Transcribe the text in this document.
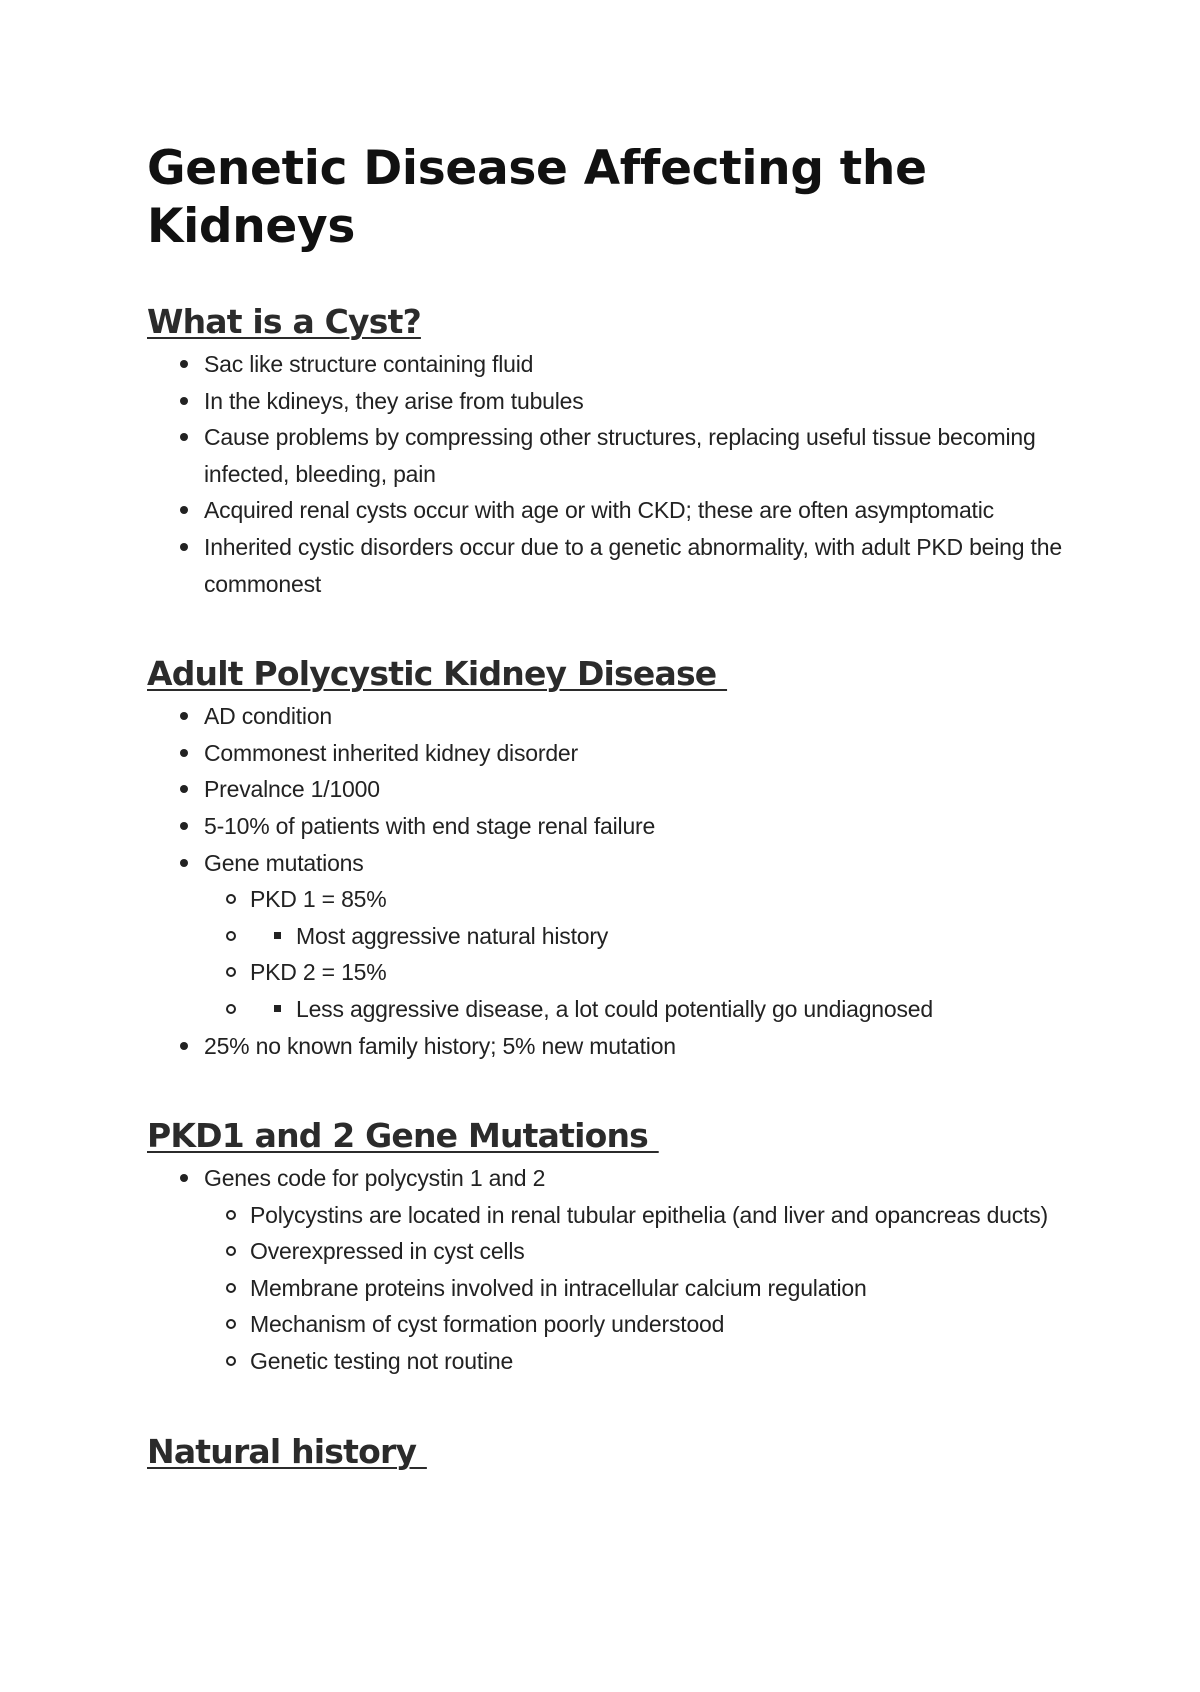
Genetic Disease Affecting the Kidneys
What is a Cyst?
Sac like structure containing fluid
In the kdineys, they arise from tubules
Cause problems by compressing other structures, replacing useful tissue becoming infected, bleeding, pain
Acquired renal cysts occur with age or with CKD; these are often asymptomatic
Inherited cystic disorders occur due to a genetic abnormality, with adult PKD being the commonest
Adult Polycystic Kidney Disease
AD condition
Commonest inherited kidney disorder
Prevalnce 1/1000
5-10% of patients with end stage renal failure
Gene mutations
PKD 1 = 85%
Most aggressive natural history
PKD 2 = 15%
Less aggressive disease, a lot could potentially go undiagnosed
25% no known family history; 5% new mutation
PKD1 and 2 Gene Mutations
Genes code for polycystin 1 and 2
Polycystins are located in renal tubular epithelia (and liver and opancreas ducts)
Overexpressed in cyst cells
Membrane proteins involved in intracellular calcium regulation
Mechanism of cyst formation poorly understood
Genetic testing not routine
Natural history
